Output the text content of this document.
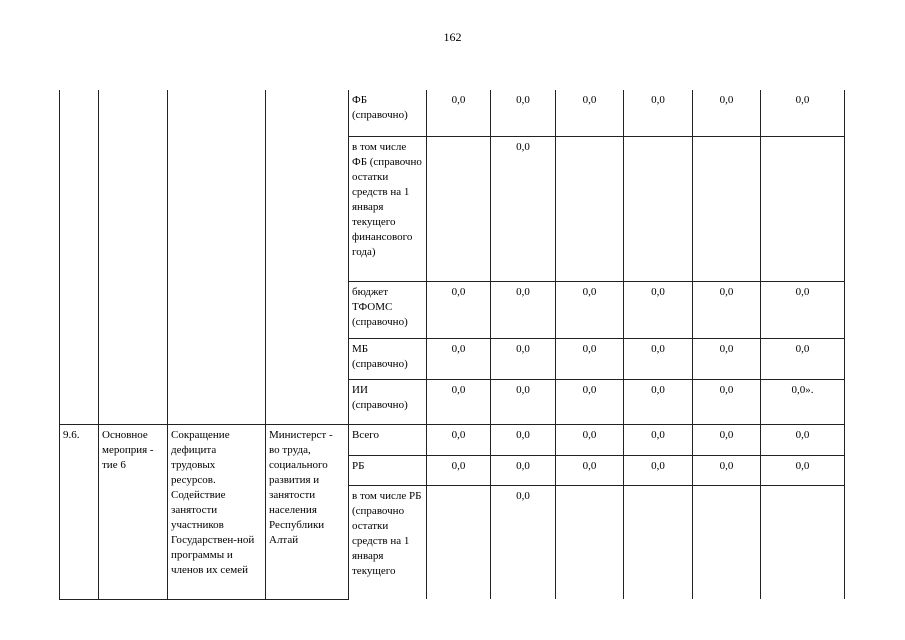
162
				ФБ (справочно)	0,0	0,0	0,0	0,0	0,0	0,0
				в том числе ФБ (справочно остатки средств на 1 января текущего финансового года)		0,0				
				бюджет ТФОМС (справочно)	0,0	0,0	0,0	0,0	0,0	0,0
				МБ (справочно)	0,0	0,0	0,0	0,0	0,0	0,0
				ИИ (справочно)	0,0	0,0	0,0	0,0	0,0	0,0».
9.6.	Основное мероприя - тие 6	Сокращение дефицита трудовых ресурсов. Содействие занятости участников Государствен-ной программы и членов их семей	Министерст - во труда, социального развития и занятости населения Республики Алтай	Всего	0,0	0,0	0,0	0,0	0,0	0,0
				РБ	0,0	0,0	0,0	0,0	0,0	0,0
				в том числе РБ (справочно остатки средств на 1 января текущего		0,0				
